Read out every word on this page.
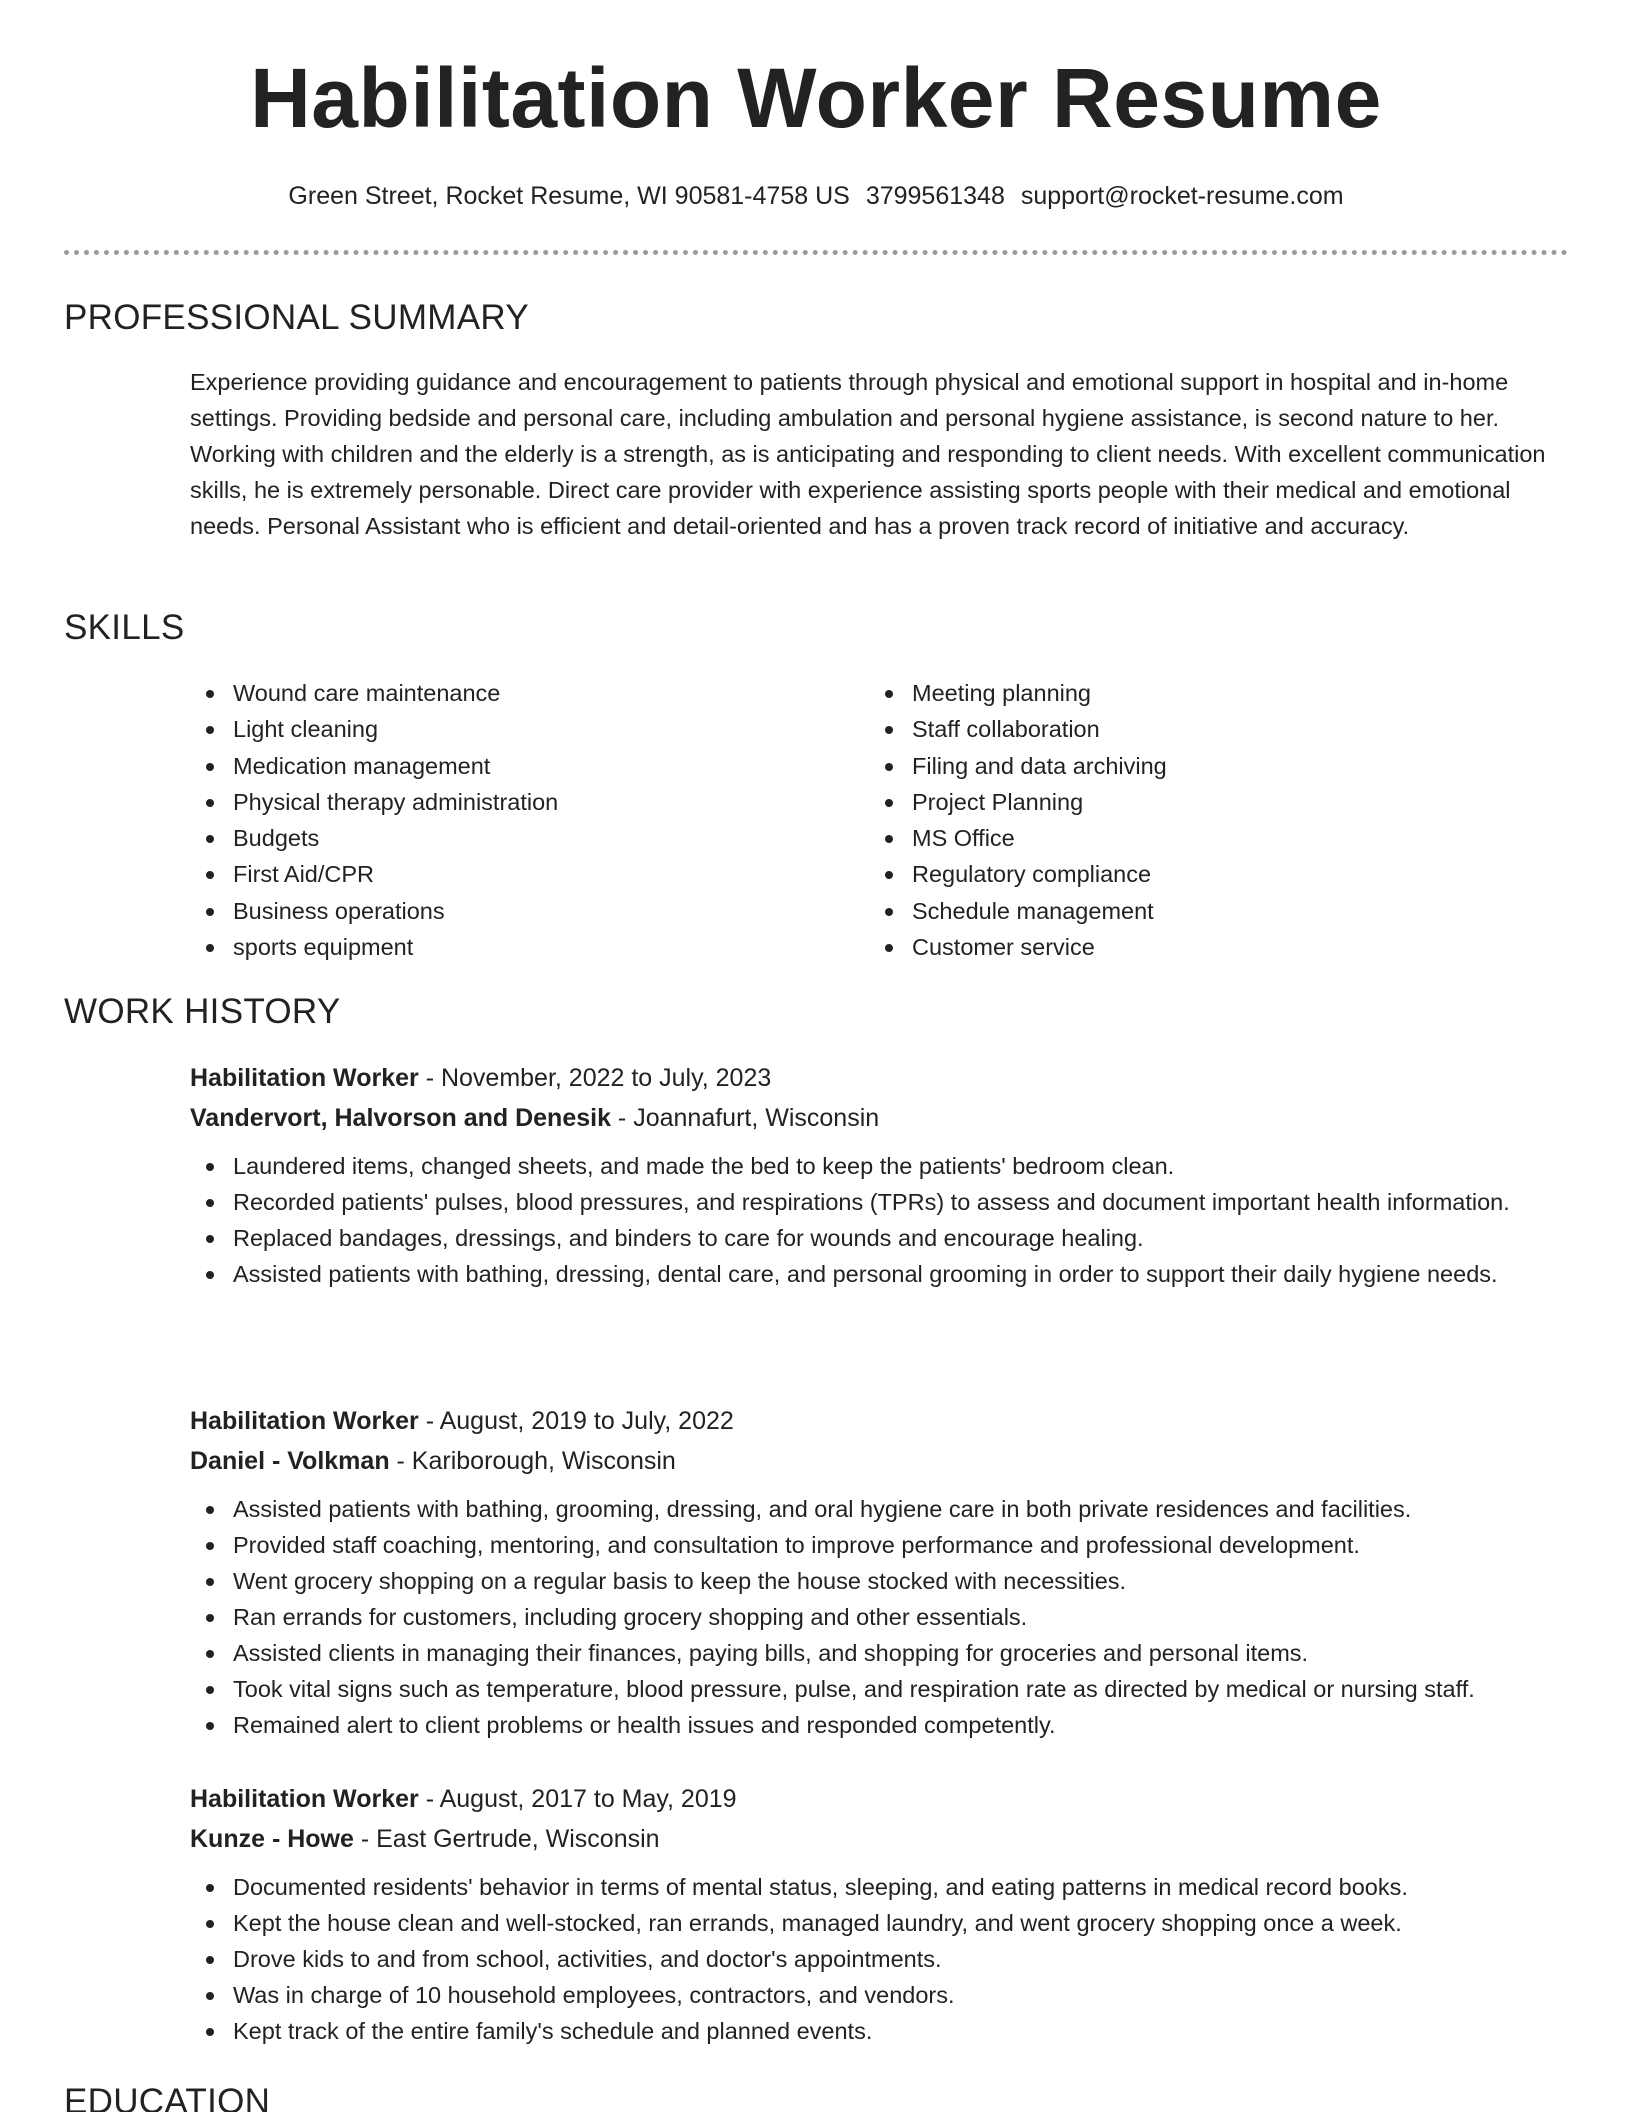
Habilitation Worker Resume
Green Street, Rocket Resume, WI 90581-4758 US 3799561348 support@rocket-resume.com
PROFESSIONAL SUMMARY

Experience providing guidance and encouragement to patients through physical and emotional support in hospital and in-home settings. Providing bedside and personal care, including ambulation and personal hygiene assistance, is second nature to her. Working with children and the elderly is a strength, as is anticipating and responding to client needs. With excellent communication skills, he is extremely personable. Direct care provider with experience assisting sports people with their medical and emotional needs. Personal Assistant who is efficient and detail-oriented and has a proven track record of initiative and accuracy.

SKILLS
Wound care maintenance
Light cleaning
Medication management
Physical therapy administration
Budgets
First Aid/CPR
Business operations
sports equipment
Meeting planning
Staff collaboration
Filing and data archiving
Project Planning
MS Office
Regulatory compliance
Schedule management
Customer service
WORK HISTORY
Habilitation Worker - November, 2022 to July, 2023
Vandervort, Halvorson and Denesik - Joannafurt, Wisconsin
Laundered items, changed sheets, and made the bed to keep the patients' bedroom clean.
Recorded patients' pulses, blood pressures, and respirations (TPRs) to assess and document important health information.
Replaced bandages, dressings, and binders to care for wounds and encourage healing.
Assisted patients with bathing, dressing, dental care, and personal grooming in order to support their daily hygiene needs.
Habilitation Worker - August, 2019 to July, 2022
Daniel - Volkman - Kariborough, Wisconsin
Assisted patients with bathing, grooming, dressing, and oral hygiene care in both private residences and facilities.
Provided staff coaching, mentoring, and consultation to improve performance and professional development.
Went grocery shopping on a regular basis to keep the house stocked with necessities.
Ran errands for customers, including grocery shopping and other essentials.
Assisted clients in managing their finances, paying bills, and shopping for groceries and personal items.
Took vital signs such as temperature, blood pressure, pulse, and respiration rate as directed by medical or nursing staff.
Remained alert to client problems or health issues and responded competently.
Habilitation Worker - August, 2017 to May, 2019
Kunze - Howe - East Gertrude, Wisconsin
Documented residents' behavior in terms of mental status, sleeping, and eating patterns in medical record books.
Kept the house clean and well-stocked, ran errands, managed laundry, and went grocery shopping once a week.
Drove kids to and from school, activities, and doctor's appointments.
Was in charge of 10 household employees, contractors, and vendors.
Kept track of the entire family's schedule and planned events.
EDUCATION
